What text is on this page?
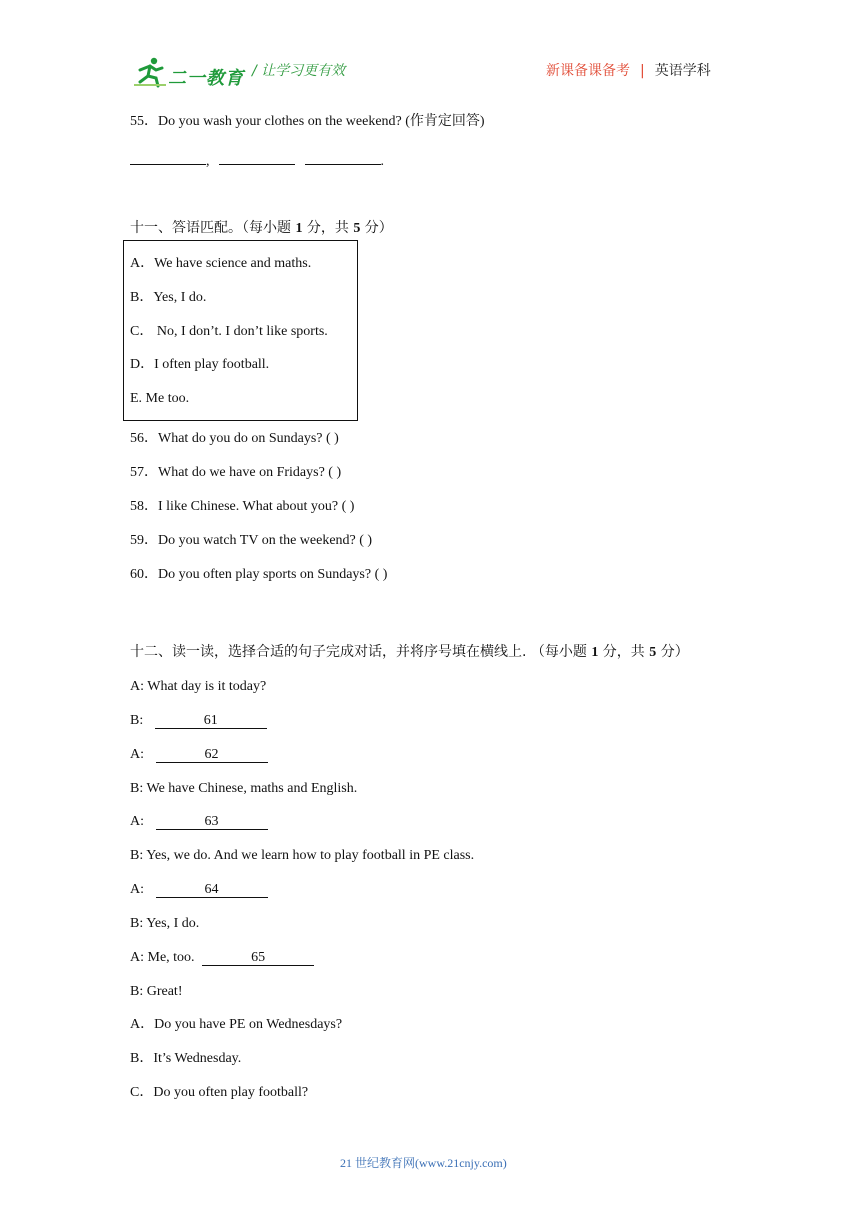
二一教育 / 让学习更有效	新课备课备考 | 英语学科
55．Do you wash your clothes on the weekend? (作肯定回答)
,	.
十一、答语匹配。（每小题 1 分，共 5 分）
A．We have science and maths.
B．Yes, I do.
C． No, I don’t. I don’t like sports.
D．I often play football.
E. Me too.
56．What do you do on Sundays? ( )
57．What do we have on Fridays? ( )
58．I like Chinese. What about you? ( )
59．Do you watch TV on the weekend? ( )
60．Do you often play sports on Sundays? ( )
十二、读一读，选择合适的句子完成对话，并将序号填在横线上. （每小题 1 分，共 5 分）
A: What day is it today?
B:	61
A:	62
B: We have Chinese, maths and English.
A:	63
B: Yes, we do. And we learn how to play football in PE class.
A:	64
B: Yes, I do.
A: Me, too.	65
B: Great!
A．Do you have PE on Wednesdays?
B．It’s Wednesday.
C．Do you often play football?
21 世纪教育网(www.21cnjy.com)
